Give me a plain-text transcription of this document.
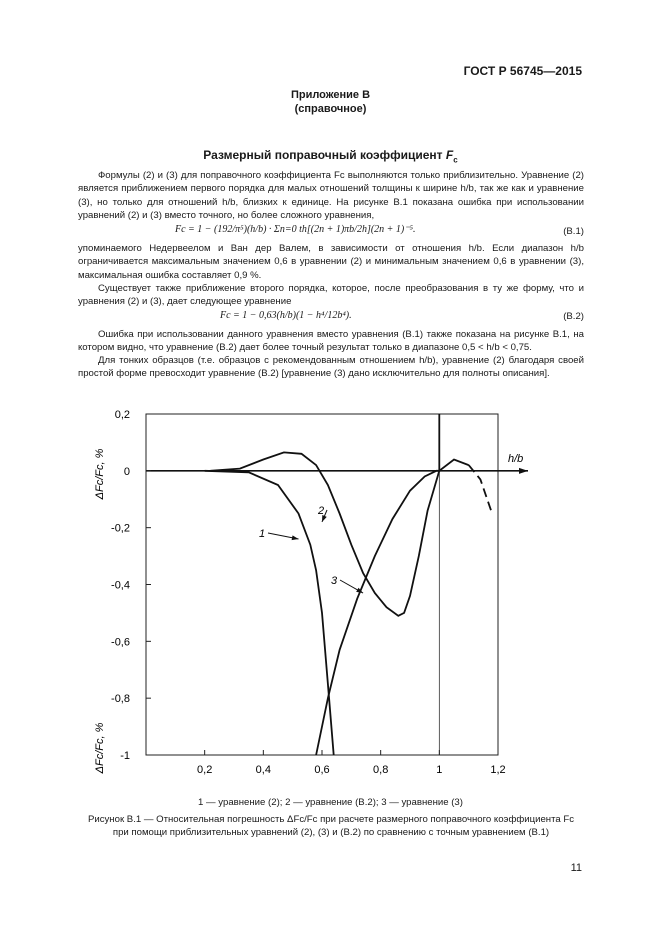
ГОСТ Р 56745—2015
Приложение В
(справочное)
Размерный поправочный коэффициент $F_c$
Формулы (2) и (3) для поправочного коэффициента Fc выполняются только приблизительно. Уравнение (2) является приближением первого порядка для малых отношений толщины к ширине h/b, так же как и уравнение (3), но только для отношений h/b, близких к единице. На рисунке В.1 показана ошибка при использовании уравнений (2) и (3) вместо точного, но более сложного уравнения,
Fc = 1 − (192/π⁵)(h/b) · Σn=0 th[(2n + 1)πb/2h](2n + 1)⁻⁵.	(B.1)
упоминаемого Недервеелом и Ван дер Валем, в зависимости от отношения h/b. Если диапазон h/b ограничивается максимальным значением 0,6 в уравнении (2) и минимальным значением 0,6 в уравнении (3), максимальная ошибка составляет 0,9 %.
Существует также приближение второго порядка, которое, после преобразования в ту же форму, что и уравнения (2) и (3), дает следующее уравнение
Fc = 1 − 0,63(h/b)(1 − h⁴/12b⁴).	(B.2)
Ошибка при использовании данного уравнения вместо уравнения (В.1) также показана на рисунке В.1, на котором видно, что уравнение (В.2) дает более точный результат только в диапазоне 0,5 < h/b < 0,75.
Для тонких образцов (т.е. образцов с рекомендованным отношением h/b), уравнение (2) благодаря своей простой форме превосходит уравнение (В.2) [уравнение (3) дано исключительно для полноты описания].
0,2
0
-0,2
-0,4
-0,6
-0,8
-1
0,2	0,4	0,6	0,8	1	1,2
ΔFc/Fc, %
ΔFc/Fc, %
h/b
1
2
3
1 — уравнение (2); 2 — уравнение (В.2); 3 — уравнение (3)
Рисунок В.1 — Относительная погрешность ΔFc/Fc при расчете размерного поправочного коэффициента Fc
при помощи приблизительных уравнений (2), (3) и (В.2) по сравнению с точным уравнением (В.1)
11
